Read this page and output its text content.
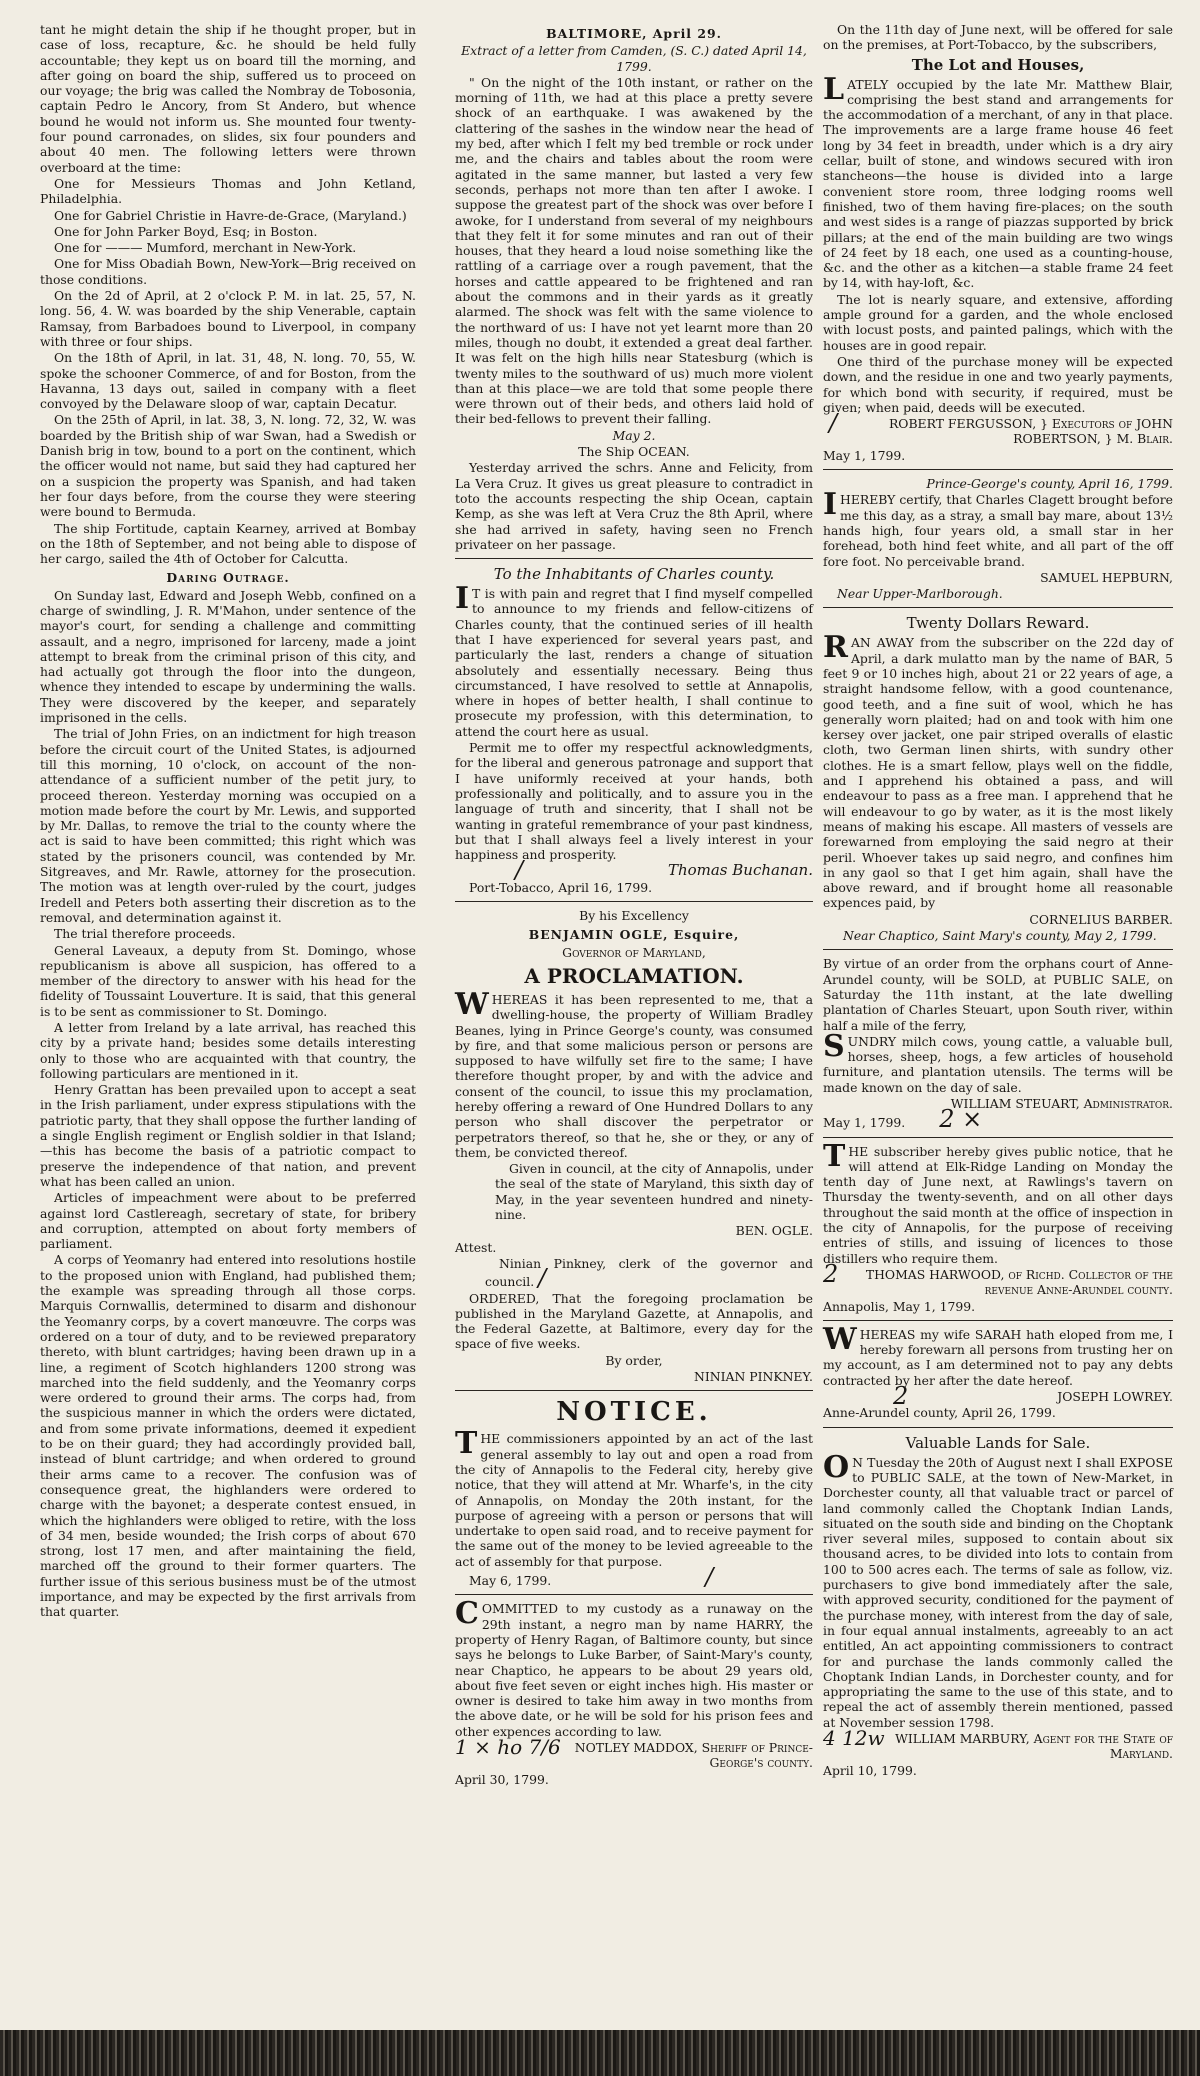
tant he might detain the ship if he thought proper, but in case of loss, recapture, &c. he should be held fully accountable; they kept us on board till the morning, and after going on board the ship, suffered us to proceed on our voyage; the brig was called the Nombray de Tobosonia, captain Pedro le Ancory, from St Andero, but whence bound he would not inform us. She mounted four twenty-four pound carronades, on slides, six four pounders and about 40 men. The following letters were thrown overboard at the time:

One for Messieurs Thomas and John Ketland, Philadelphia.

One for Gabriel Christie in Havre-de-Grace, (Maryland.)

One for John Parker Boyd, Esq; in Boston.

One for ——— Mumford, merchant in New-York.

One for Miss Obadiah Bown, New-York—Brig received on those conditions.

On the 2d of April, at 2 o'clock P. M. in lat. 25, 57, N. long. 56, 4. W. was boarded by the ship Venerable, captain Ramsay, from Barbadoes bound to Liverpool, in company with three or four ships.

On the 18th of April, in lat. 31, 48, N. long. 70, 55, W. spoke the schooner Commerce, of and for Boston, from the Havanna, 13 days out, sailed in company with a fleet convoyed by the Delaware sloop of war, captain Decatur.

On the 25th of April, in lat. 38, 3, N. long. 72, 32, W. was boarded by the British ship of war Swan, had a Swedish or Danish brig in tow, bound to a port on the continent, which the officer would not name, but said they had captured her on a suspicion the property was Spanish, and had taken her four days before, from the course they were steering were bound to Bermuda.

The ship Fortitude, captain Kearney, arrived at Bombay on the 18th of September, and not being able to dispose of her cargo, sailed the 4th of October for Calcutta.

Daring Outrage.

On Sunday last, Edward and Joseph Webb, confined on a charge of swindling, J. R. M'Mahon, under sentence of the mayor's court, for sending a challenge and committing assault, and a negro, imprisoned for larceny, made a joint attempt to break from the criminal prison of this city, and had actually got through the floor into the dungeon, whence they intended to escape by undermining the walls. They were discovered by the keeper, and separately imprisoned in the cells.

The trial of John Fries, on an indictment for high treason before the circuit court of the United States, is adjourned till this morning, 10 o'clock, on account of the non-attendance of a sufficient number of the petit jury, to proceed thereon. Yesterday morning was occupied on a motion made before the court by Mr. Lewis, and supported by Mr. Dallas, to remove the trial to the county where the act is said to have been committed; this right which was stated by the prisoners council, was contended by Mr. Sitgreaves, and Mr. Rawle, attorney for the prosecution. The motion was at length over-ruled by the court, judges Iredell and Peters both asserting their discretion as to the removal, and determination against it.

The trial therefore proceeds.

General Laveaux, a deputy from St. Domingo, whose republicanism is above all suspicion, has offered to a member of the directory to answer with his head for the fidelity of Toussaint Louverture. It is said, that this general is to be sent as commissioner to St. Domingo.

A letter from Ireland by a late arrival, has reached this city by a private hand; besides some details interesting only to those who are acquainted with that country, the following particulars are mentioned in it.

Henry Grattan has been prevailed upon to accept a seat in the Irish parliament, under express stipulations with the patriotic party, that they shall oppose the further landing of a single English regiment or English soldier in that Island;—this has become the basis of a patriotic compact to preserve the independence of that nation, and prevent what has been called an union.

Articles of impeachment were about to be preferred against lord Castlereagh, secretary of state, for bribery and corruption, attempted on about forty members of parliament.

A corps of Yeomanry had entered into resolutions hostile to the proposed union with England, had published them; the example was spreading through all those corps. Marquis Cornwallis, determined to disarm and dishonour the Yeomanry corps, by a covert manœuvre. The corps was ordered on a tour of duty, and to be reviewed preparatory thereto, with blunt cartridges; having been drawn up in a line, a regiment of Scotch highlanders 1200 strong was marched into the field suddenly, and the Yeomanry corps were ordered to ground their arms. The corps had, from the suspicious manner in which the orders were dictated, and from some private informations, deemed it expedient to be on their guard; they had accordingly provided ball, instead of blunt cartridge; and when ordered to ground their arms came to a recover. The confusion was of consequence great, the highlanders were ordered to charge with the bayonet; a desperate contest ensued, in which the highlanders were obliged to retire, with the loss of 34 men, beside wounded; the Irish corps of about 670 strong, lost 17 men, and after maintaining the field, marched off the ground to their former quarters. The further issue of this serious business must be of the utmost importance, and may be expected by the first arrivals from that quarter.

BALTIMORE, April 29.

Extract of a letter from Camden, (S. C.) dated April 14, 1799.

" On the night of the 10th instant, or rather on the morning of 11th, we had at this place a pretty severe shock of an earthquake. I was awakened by the clattering of the sashes in the window near the head of my bed, after which I felt my bed tremble or rock under me, and the chairs and tables about the room were agitated in the same manner, but lasted a very few seconds, perhaps not more than ten after I awoke. I suppose the greatest part of the shock was over before I awoke, for I understand from several of my neighbours that they felt it for some minutes and ran out of their houses, that they heard a loud noise something like the rattling of a carriage over a rough pavement, that the horses and cattle appeared to be frightened and ran about the commons and in their yards as it greatly alarmed. The shock was felt with the same violence to the northward of us: I have not yet learnt more than 20 miles, though no doubt, it extended a great deal farther. It was felt on the high hills near Statesburg (which is twenty miles to the southward of us) much more violent than at this place—we are told that some people there were thrown out of their beds, and others laid hold of their bed-fellows to prevent their falling.

May 2.

The Ship OCEAN.

Yesterday arrived the schrs. Anne and Felicity, from La Vera Cruz. It gives us great pleasure to contradict in toto the accounts respecting the ship Ocean, captain Kemp, as she was left at Vera Cruz the 8th April, where she had arrived in safety, having seen no French privateer on her passage.

To the Inhabitants of Charles county.

IT is with pain and regret that I find myself compelled to announce to my friends and fellow-citizens of Charles county, that the continued series of ill health that I have experienced for several years past, and particularly the last, renders a change of situation absolutely and essentially necessary. Being thus circumstanced, I have resolved to settle at Annapolis, where in hopes of better health, I shall continue to prosecute my profession, with this determination, to attend the court here as usual.

Permit me to offer my respectful acknowledgments, for the liberal and generous patronage and support that I have uniformly received at your hands, both professionally and politically, and to assure you in the language of truth and sincerity, that I shall not be wanting in grateful remembrance of your past kindness, but that I shall always feel a lively interest in your happiness and prosperity.

/	Thomas Buchanan.

Port-Tobacco, April 16, 1799.

By his Excellency

BENJAMIN OGLE, Esquire,

Governor of Maryland,

A PROCLAMATION.

WHEREAS it has been represented to me, that a dwelling-house, the property of William Bradley Beanes, lying in Prince George's county, was consumed by fire, and that some malicious person or persons are supposed to have wilfully set fire to the same; I have therefore thought proper, by and with the advice and consent of the council, to issue this my proclamation, hereby offering a reward of One Hundred Dollars to any person who shall discover the perpetrator or perpetrators thereof, so that he, she or they, or any of them, be convicted thereof.

Given in council, at the city of Annapolis, under the seal of the state of Maryland, this sixth day of May, in the year seventeen hundred and ninety-nine.

BEN. OGLE.

Attest.

Ninian Pinkney, clerk of the governor and council. /

ORDERED, That the foregoing proclamation be published in the Maryland Gazette, at Annapolis, and the Federal Gazette, at Baltimore, every day for the space of five weeks.

By order,

NINIAN PINKNEY.

NOTICE.

THE commissioners appointed by an act of the last general assembly to lay out and open a road from the city of Annapolis to the Federal city, hereby give notice, that they will attend at Mr. Wharfe's, in the city of Annapolis, on Monday the 20th instant, for the purpose of agreeing with a person or persons that will undertake to open said road, and to receive payment for the same out of the money to be levied agreeable to the act of assembly for that purpose.

May 6, 1799.	/

COMMITTED to my custody as a runaway on the 29th instant, a negro man by name HARRY, the property of Henry Ragan, of Baltimore county, but since says he belongs to Luke Barber, of Saint-Mary's county, near Chaptico, he appears to be about 29 years old, about five feet seven or eight inches high. His master or owner is desired to take him away in two months from the above date, or he will be sold for his prison fees and other expences according to law.

1 × ho 7/6 NOTLEY MADDOX, Sheriff of Prince-George's county.

April 30, 1799.

On the 11th day of June next, will be offered for sale on the premises, at Port-Tobacco, by the subscribers,

The Lot and Houses,

LATELY occupied by the late Mr. Matthew Blair, comprising the best stand and arrangements for the accommodation of a merchant, of any in that place. The improvements are a large frame house 46 feet long by 34 feet in breadth, under which is a dry airy cellar, built of stone, and windows secured with iron stancheons—the house is divided into a large convenient store room, three lodging rooms well finished, two of them having fire-places; on the south and west sides is a range of piazzas supported by brick pillars; at the end of the main building are two wings of 24 feet by 18 each, one used as a counting-house, &c. and the other as a kitchen—a stable frame 24 feet by 14, with hay-loft, &c.

The lot is nearly square, and extensive, affording ample ground for a garden, and the whole enclosed with locust posts, and painted palings, which with the houses are in good repair.

One third of the purchase money will be expected down, and the residue in one and two yearly payments, for which bond with security, if required, must be given; when paid, deeds will be executed.

/	ROBERT FERGUSSON, } Executors of JOHN ROBERTSON, } M. Blair.

May 1, 1799.

Prince-George's county, April 16, 1799.

IHEREBY certify, that Charles Clagett brought before me this day, as a stray, a small bay mare, about 13½ hands high, four years old, a small star in her forehead, both hind feet white, and all part of the off fore foot. No perceivable brand.

SAMUEL HEPBURN,

Near Upper-Marlborough.

Twenty Dollars Reward.

RAN AWAY from the subscriber on the 22d day of April, a dark mulatto man by the name of BAR, 5 feet 9 or 10 inches high, about 21 or 22 years of age, a straight handsome fellow, with a good countenance, good teeth, and a fine suit of wool, which he has generally worn plaited; had on and took with him one kersey over jacket, one pair striped overalls of elastic cloth, two German linen shirts, with sundry other clothes. He is a smart fellow, plays well on the fiddle, and I apprehend his obtained a pass, and will endeavour to pass as a free man. I apprehend that he will endeavour to go by water, as it is the most likely means of making his escape. All masters of vessels are forewarned from employing the said negro at their peril. Whoever takes up said negro, and confines him in any gaol so that I get him again, shall have the above reward, and if brought home all reasonable expences paid, by

CORNELIUS BARBER.

Near Chaptico, Saint Mary's county, May 2, 1799.

By virtue of an order from the orphans court of Anne-Arundel county, will be SOLD, at PUBLIC SALE, on Saturday the 11th instant, at the late dwelling plantation of Charles Steuart, upon South river, within half a mile of the ferry,

SUNDRY milch cows, young cattle, a valuable bull, horses, sheep, hogs, a few articles of household furniture, and plantation utensils. The terms will be made known on the day of sale.

WILLIAM STEUART, Administrator.

May 1, 1799. 2 ×

THE subscriber hereby gives public notice, that he will attend at Elk-Ridge Landing on Monday the tenth day of June next, at Rawlings's tavern on Thursday the twenty-seventh, and on all other days throughout the said month at the office of inspection in the city of Annapolis, for the purpose of receiving entries of stills, and issuing of licences to those distillers who require them.

2 THOMAS HARWOOD, of Richd. Collector of the revenue Anne-Arundel county.

Annapolis, May 1, 1799.

WHEREAS my wife SARAH hath eloped from me, I hereby forewarn all persons from trusting her on my account, as I am determined not to pay any debts contracted by her after the date hereof.

2	JOSEPH LOWREY.

Anne-Arundel county, April 26, 1799.

Valuable Lands for Sale.

ON Tuesday the 20th of August next I shall EXPOSE to PUBLIC SALE, at the town of New-Market, in Dorchester county, all that valuable tract or parcel of land commonly called the Choptank Indian Lands, situated on the south side and binding on the Choptank river several miles, supposed to contain about six thousand acres, to be divided into lots to contain from 100 to 500 acres each. The terms of sale as follow, viz. purchasers to give bond immediately after the sale, with approved security, conditioned for the payment of the purchase money, with interest from the day of sale, in four equal annual instalments, agreeably to an act entitled, An act appointing commissioners to contract for and purchase the lands commonly called the Choptank Indian Lands, in Dorchester county, and for appropriating the same to the use of this state, and to repeal the act of assembly therein mentioned, passed at November session 1798.

4 12w WILLIAM MARBURY, Agent for the State of Maryland.

April 10, 1799.
